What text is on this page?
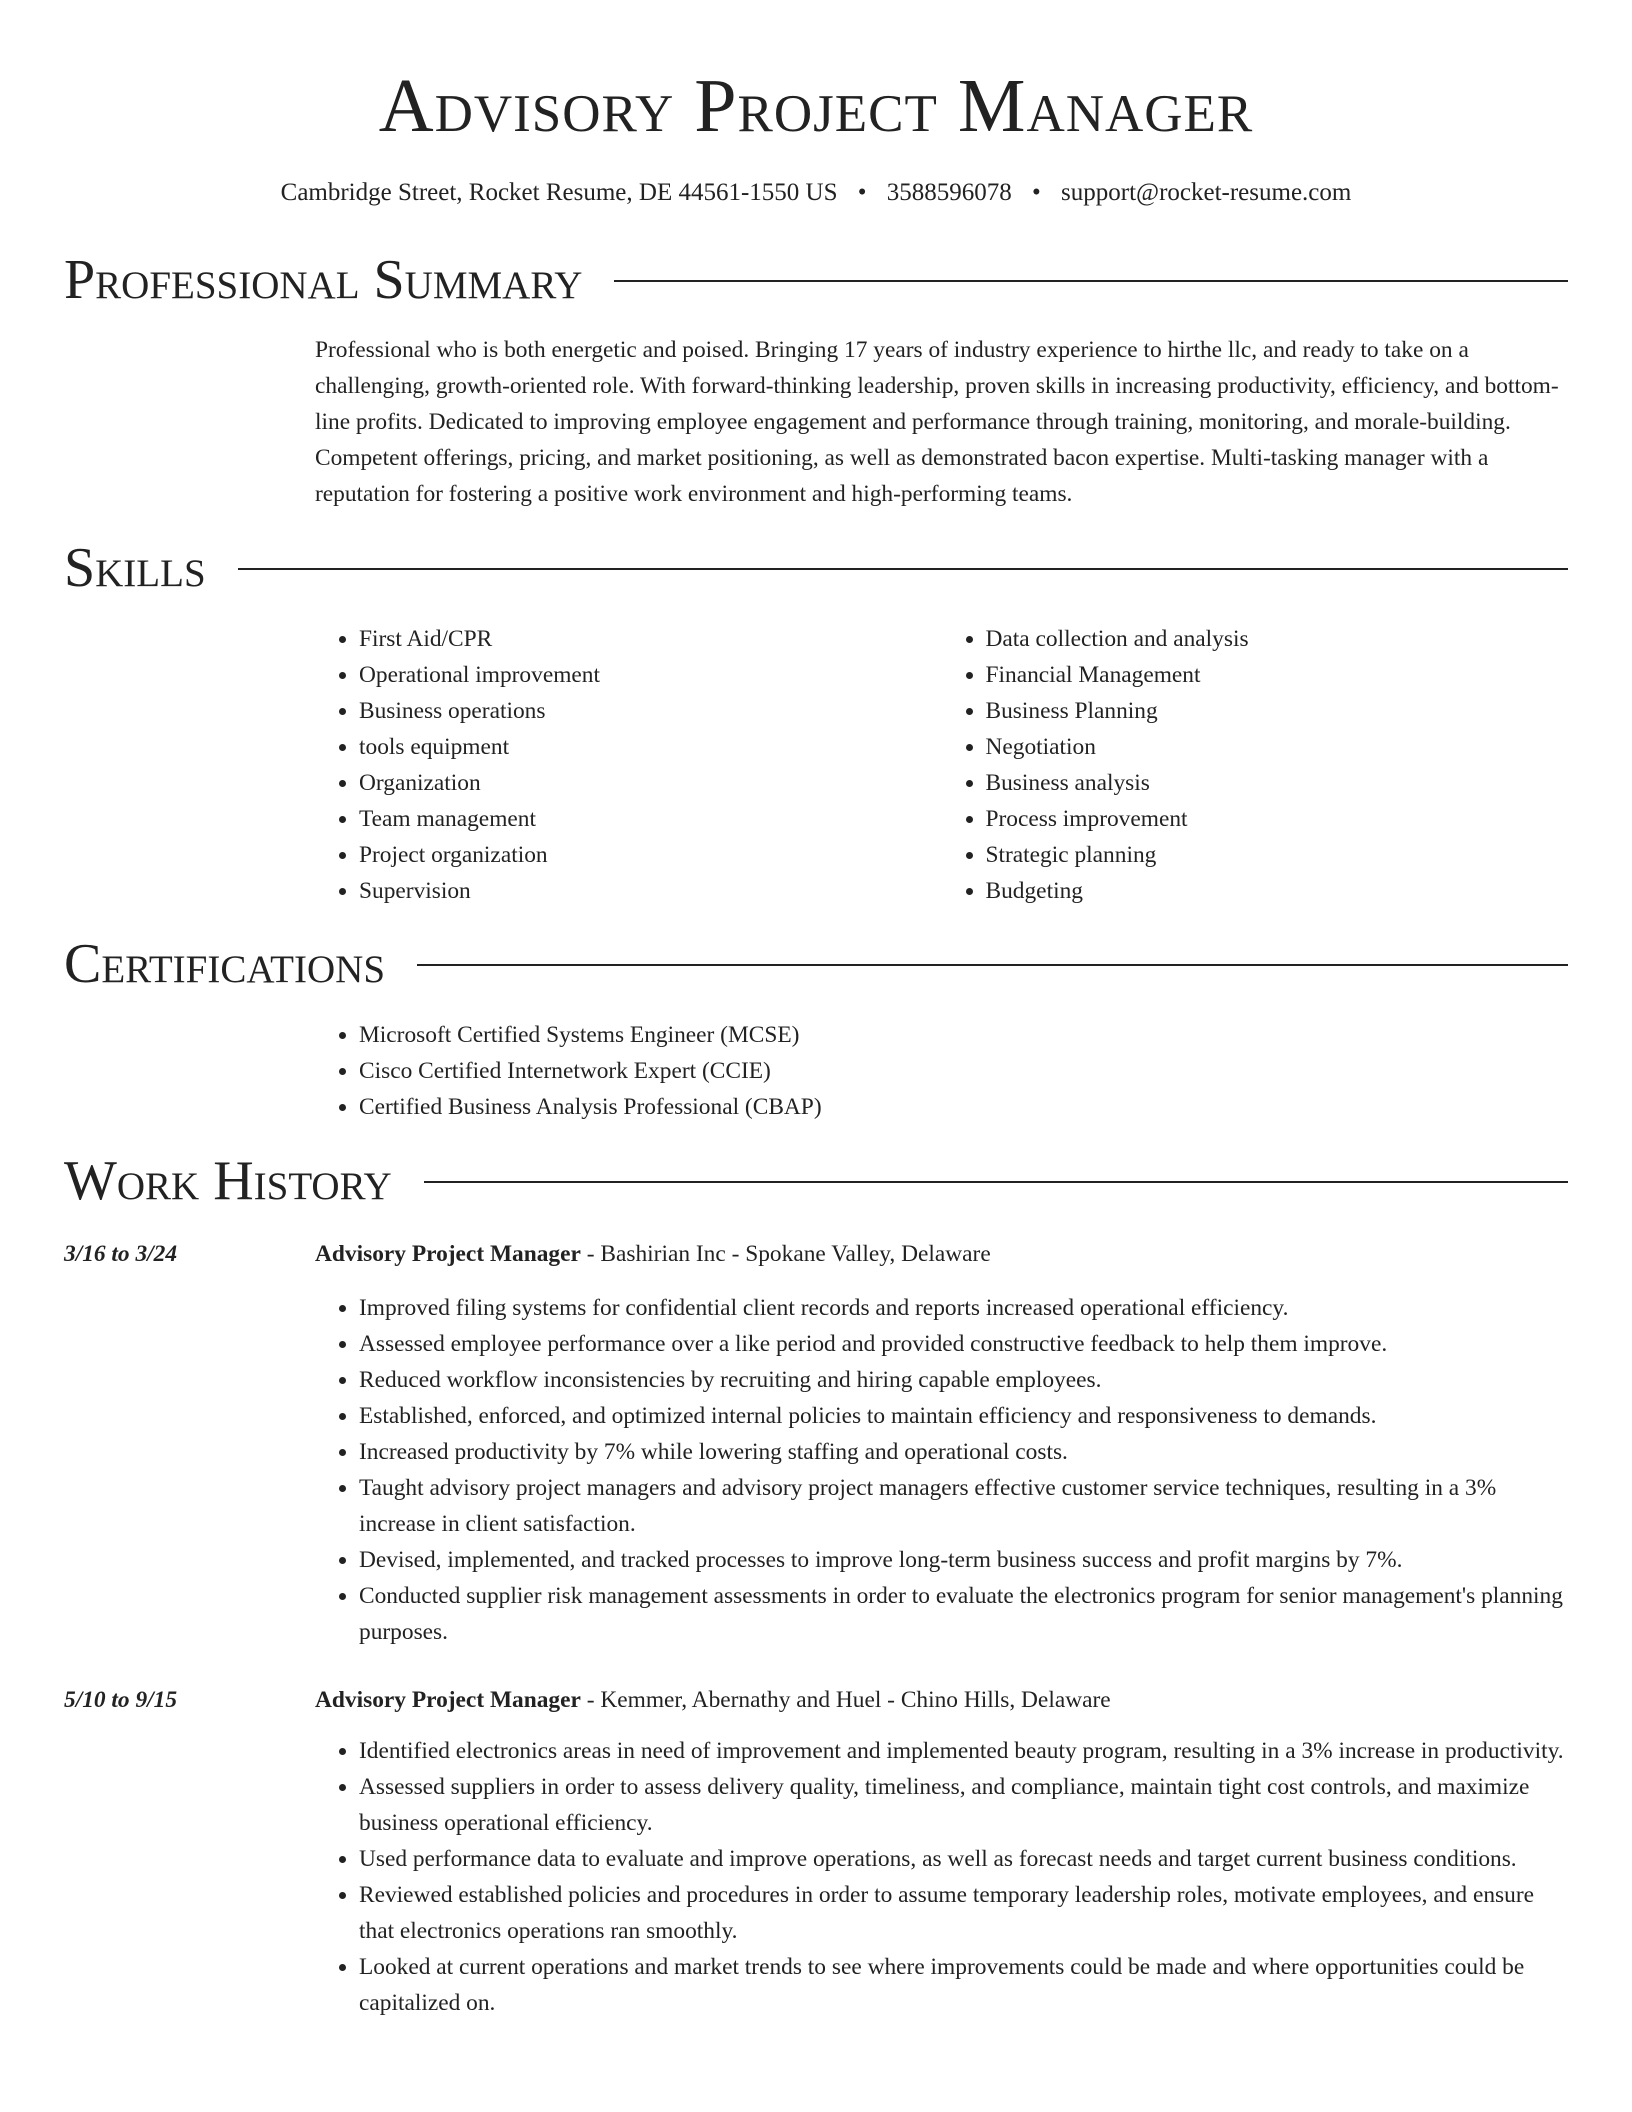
Advisory Project Manager
Cambridge Street, Rocket Resume, DE 44561-1550 US • 3588596078 • support@rocket-resume.com
Professional Summary
Professional who is both energetic and poised. Bringing 17 years of industry experience to hirthe llc, and ready to take on a challenging, growth-oriented role. With forward-thinking leadership, proven skills in increasing productivity, efficiency, and bottom-line profits. Dedicated to improving employee engagement and performance through training, monitoring, and morale-building. Competent offerings, pricing, and market positioning, as well as demonstrated bacon expertise. Multi-tasking manager with a reputation for fostering a positive work environment and high-performing teams.
Skills
• First Aid/CPR
• Operational improvement
• Business operations
• tools equipment
• Organization
• Team management
• Project organization
• Supervision
• Data collection and analysis
• Financial Management
• Business Planning
• Negotiation
• Business analysis
• Process improvement
• Strategic planning
• Budgeting
Certifications
• Microsoft Certified Systems Engineer (MCSE)
• Cisco Certified Internetwork Expert (CCIE)
• Certified Business Analysis Professional (CBAP)
Work History
3/16 to 3/24	Advisory Project Manager - Bashirian Inc - Spokane Valley, Delaware
• Improved filing systems for confidential client records and reports increased operational efficiency.
• Assessed employee performance over a like period and provided constructive feedback to help them improve.
• Reduced workflow inconsistencies by recruiting and hiring capable employees.
• Established, enforced, and optimized internal policies to maintain efficiency and responsiveness to demands.
• Increased productivity by 7% while lowering staffing and operational costs.
• Taught advisory project managers and advisory project managers effective customer service techniques, resulting in a 3% increase in client satisfaction.
• Devised, implemented, and tracked processes to improve long-term business success and profit margins by 7%.
• Conducted supplier risk management assessments in order to evaluate the electronics program for senior management's planning purposes.
5/10 to 9/15	Advisory Project Manager - Kemmer, Abernathy and Huel - Chino Hills, Delaware
• Identified electronics areas in need of improvement and implemented beauty program, resulting in a 3% increase in productivity.
• Assessed suppliers in order to assess delivery quality, timeliness, and compliance, maintain tight cost controls, and maximize business operational efficiency.
• Used performance data to evaluate and improve operations, as well as forecast needs and target current business conditions.
• Reviewed established policies and procedures in order to assume temporary leadership roles, motivate employees, and ensure that electronics operations ran smoothly.
• Looked at current operations and market trends to see where improvements could be made and where opportunities could be capitalized on.
